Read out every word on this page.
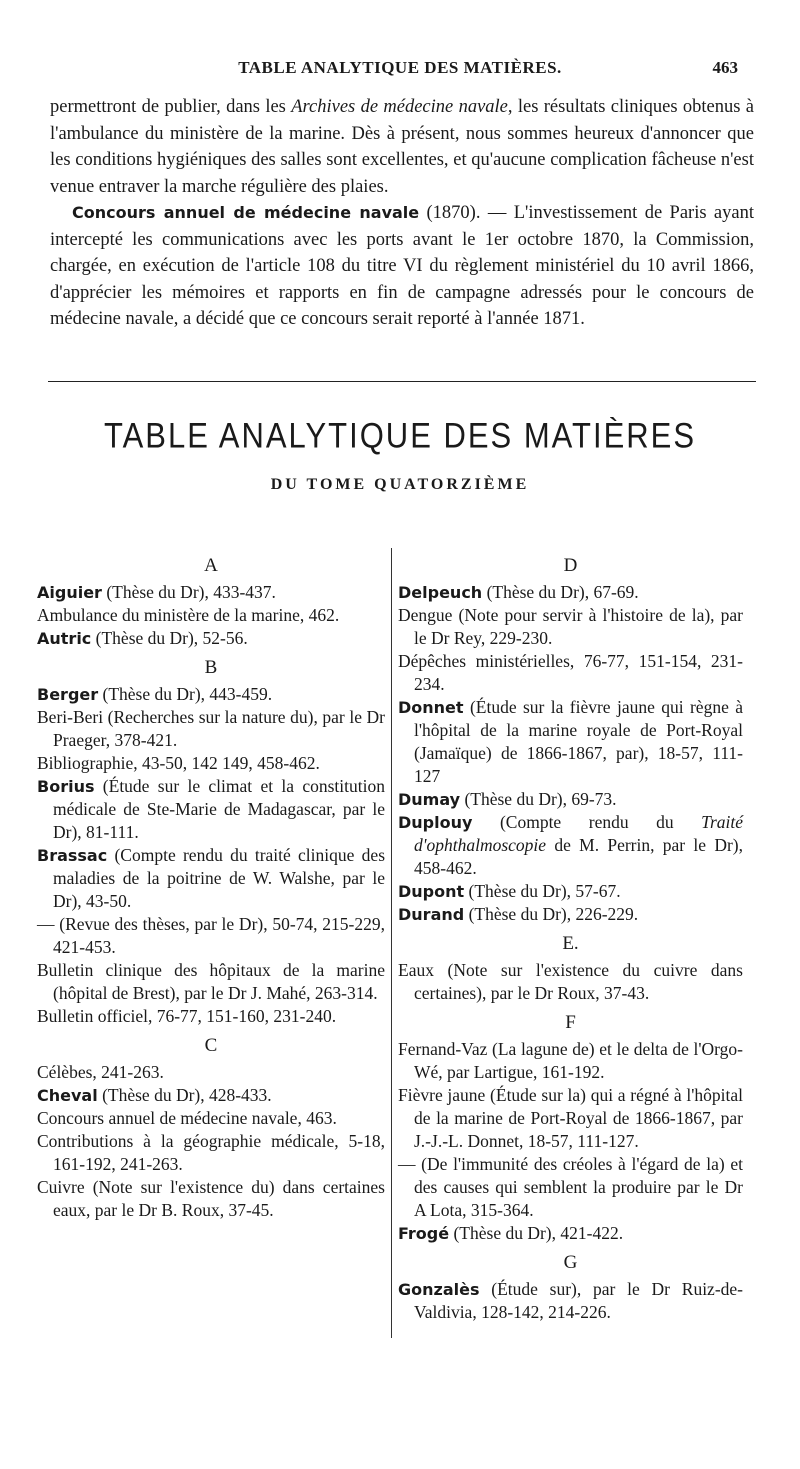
TABLE ANALYTIQUE DES MATIÈRES.	463

permettront de publier, dans les Archives de médecine navale, les résultats cliniques obtenus à l'ambulance du ministère de la marine. Dès à présent, nous sommes heureux d'annoncer que les conditions hygiéniques des salles sont excellentes, et qu'aucune complication fâcheuse n'est venue entraver la marche régulière des plaies.

Concours annuel de médecine navale (1870). — L'investissement de Paris ayant intercepté les communications avec les ports avant le 1er octobre 1870, la Commission, chargée, en exécution de l'article 108 du titre VI du règlement ministériel du 10 avril 1866, d'apprécier les mémoires et rapports en fin de campagne adressés pour le concours de médecine navale, a décidé que ce concours serait reporté à l'année 1871.

TABLE ANALYTIQUE DES MATIÈRES
DU TOME QUATORZIÈME
A

Aiguier (Thèse du Dr), 433-437.

Ambulance du ministère de la marine, 462.

Autric (Thèse du Dr), 52-56.

B

Berger (Thèse du Dr), 443-459.

Beri-Beri (Recherches sur la nature du), par le Dr Praeger, 378-421.

Bibliographie, 43-50, 142 149, 458-462.

Borius (Étude sur le climat et la constitution médicale de Ste-Marie de Madagascar, par le Dr), 81-111.

Brassac (Compte rendu du traité clinique des maladies de la poitrine de W. Walshe, par le Dr), 43-50.

— (Revue des thèses, par le Dr), 50-74, 215-229, 421-453.

Bulletin clinique des hôpitaux de la marine (hôpital de Brest), par le Dr J. Mahé, 263-314.

Bulletin officiel, 76-77, 151-160, 231-240.

C

Célèbes, 241-263.

Cheval (Thèse du Dr), 428-433.

Concours annuel de médecine navale, 463.

Contributions à la géographie médicale, 5-18, 161-192, 241-263.

Cuivre (Note sur l'existence du) dans certaines eaux, par le Dr B. Roux, 37-45.

D

Delpeuch (Thèse du Dr), 67-69.

Dengue (Note pour servir à l'histoire de la), par le Dr Rey, 229-230.

Dépêches ministérielles, 76-77, 151-154, 231-234.

Donnet (Étude sur la fièvre jaune qui règne à l'hôpital de la marine royale de Port-Royal (Jamaïque) de 1866-1867, par), 18-57, 111-127

Dumay (Thèse du Dr), 69-73.

Duplouy (Compte rendu du Traité d'ophthalmoscopie de M. Perrin, par le Dr), 458-462.

Dupont (Thèse du Dr), 57-67.

Durand (Thèse du Dr), 226-229.

E.

Eaux (Note sur l'existence du cuivre dans certaines), par le Dr Roux, 37-43.

F

Fernand-Vaz (La lagune de) et le delta de l'Orgo-Wé, par Lartigue, 161-192.

Fièvre jaune (Étude sur la) qui a régné à l'hôpital de la marine de Port-Royal de 1866-1867, par J.-J.-L. Donnet, 18-57, 111-127.

— (De l'immunité des créoles à l'égard de la) et des causes qui semblent la produire par le Dr A Lota, 315-364.

Frogé (Thèse du Dr), 421-422.

G

Gonzalès (Étude sur), par le Dr Ruiz-de-Valdivia, 128-142, 214-226.
